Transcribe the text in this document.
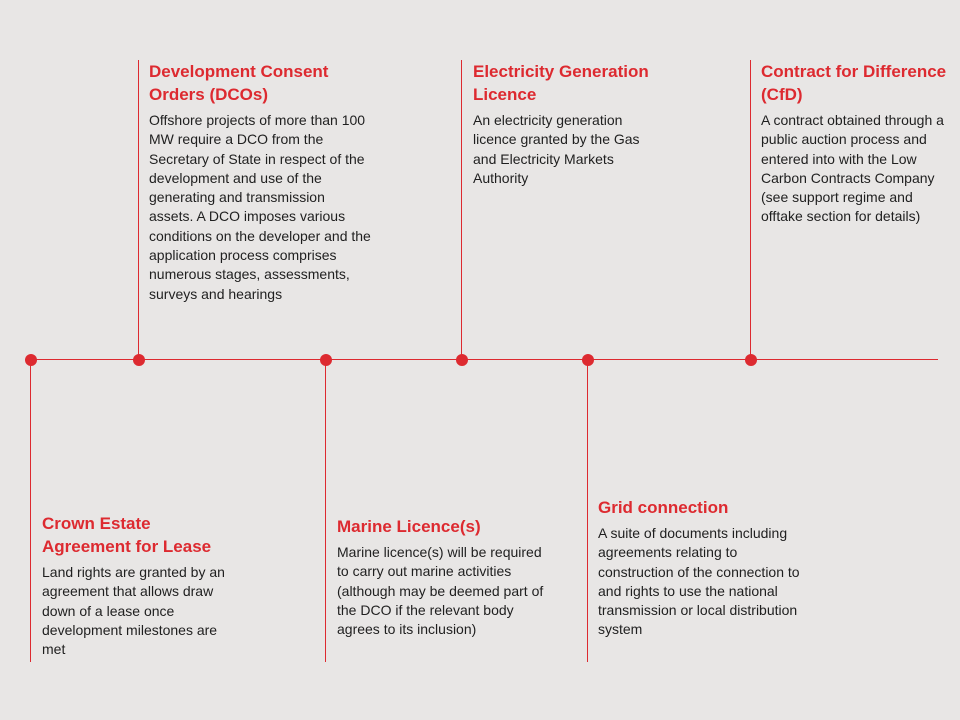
Crown Estate Agreement for Lease
Land rights are granted by an agreement that allows draw down of a lease once development milestones are met
Development Consent Orders (DCOs)
Offshore projects of more than 100 MW require a DCO from the Secretary of State in respect of the development and use of the generating and transmission assets. A DCO imposes various conditions on the developer and the application process comprises numerous stages, assessments, surveys and hearings
Marine Licence(s)
Marine licence(s) will be required to carry out marine activities (although may be deemed part of the DCO if the relevant body agrees to its inclusion)
Electricity Generation Licence
An electricity generation licence granted by the Gas and Electricity Markets Authority
Grid connection
A suite of documents including agreements relating to construction of the connection to and rights to use the national transmission or local distribution system
Contract for Difference (CfD)
A contract obtained through a public auction process and entered into with the Low Carbon Contracts Company (see support regime and offtake section for details)
